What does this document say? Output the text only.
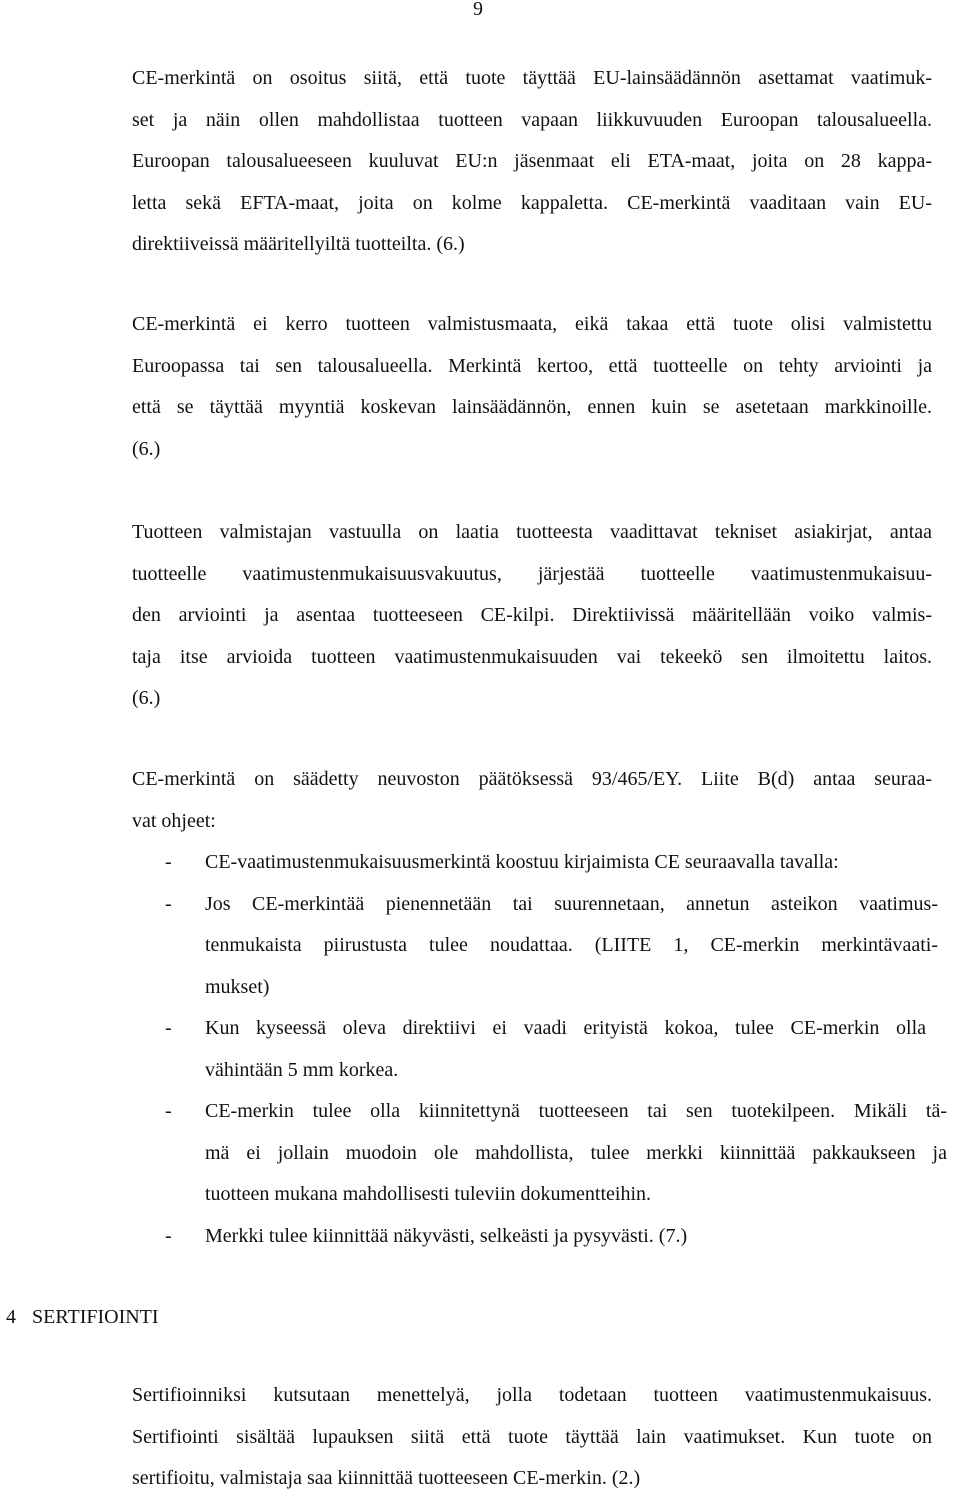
9
CE-merkintä on osoitus siitä, että tuote täyttää EU-lainsäädännön asettamat vaatimuk-
set ja näin ollen mahdollistaa tuotteen vapaan liikkuvuuden Euroopan talousalueella.
Euroopan talousalueeseen kuuluvat EU:n jäsenmaat eli ETA-maat, joita on 28 kappa-
letta sekä EFTA-maat, joita on kolme kappaletta. CE-merkintä vaaditaan vain EU-
direktiiveissä määritellyiltä tuotteilta. (6.)
CE-merkintä ei kerro tuotteen valmistusmaata, eikä takaa että tuote olisi valmistettu
Euroopassa tai sen talousalueella. Merkintä kertoo, että tuotteelle on tehty arviointi ja
että se täyttää myyntiä koskevan lainsäädännön, ennen kuin se asetetaan markkinoille.
(6.)
Tuotteen valmistajan vastuulla on laatia tuotteesta vaadittavat tekniset asiakirjat, antaa
tuotteelle vaatimustenmukaisuusvakuutus, järjestää tuotteelle vaatimustenmukaisuu-
den arviointi ja asentaa tuotteeseen CE-kilpi. Direktiivissä määritellään voiko valmis-
taja itse arvioida tuotteen vaatimustenmukaisuuden vai tekeekö sen ilmoitettu laitos.
(6.)
CE-merkintä on säädetty neuvoston päätöksessä 93/465/EY. Liite B(d) antaa seuraa-
vat ohjeet:
- CE-vaatimustenmukaisuusmerkintä koostuu kirjaimista CE seuraavalla tavalla:
- Jos CE-merkintää pienennetään tai suurennetaan, annetun asteikon vaatimus-
tenmukaista piirustusta tulee noudattaa. (LIITE 1, CE-merkin merkintävaati-
mukset)
- Kun kyseessä oleva direktiivi ei vaadi erityistä kokoa, tulee CE-merkin olla
vähintään 5 mm korkea.
- CE-merkin tulee olla kiinnitettynä tuotteeseen tai sen tuotekilpeen. Mikäli tä-
mä ei jollain muodoin ole mahdollista, tulee merkki kiinnittää pakkaukseen ja
tuotteen mukana mahdollisesti tuleviin dokumentteihin.
- Merkki tulee kiinnittää näkyvästi, selkeästi ja pysyvästi. (7.)
4 SERTIFIOINTI
Sertifioinniksi kutsutaan menettelyä, jolla todetaan tuotteen vaatimustenmukaisuus.
Sertifiointi sisältää lupauksen siitä että tuote täyttää lain vaatimukset. Kun tuote on
sertifioitu, valmistaja saa kiinnittää tuotteeseen CE-merkin. (2.)
